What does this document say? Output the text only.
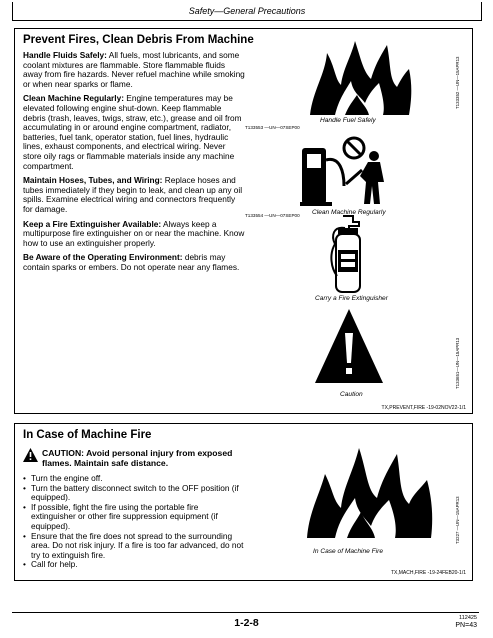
Safety—General Precautions
Prevent Fires, Clean Debris From Machine

Handle Fluids Safely: All fuels, most lubricants, and some coolant mixtures are flammable. Store flammable fluids away from fire hazards. Never refuel machine while smoking or when near sparks or flame.

Clean Machine Regularly: Engine temperatures may be elevated following engine shut-down. Keep flammable debris (trash, leaves, twigs, straw, etc.), grease and oil from accumulating in or around engine compartment, radiator, batteries, fuel tank, operator station, fuel lines, hydraulic lines, exhaust components, and electrical wiring. Never store oily rags or flammable materials inside any machine compartment.

Maintain Hoses, Tubes, and Wiring: Replace hoses and tubes immediately if they begin to leak, and clean up any oil spills. Examine electrical wiring and connectors frequently for damage.

Keep a Fire Extinguisher Available: Always keep a multipurpose fire extinguisher on or near the machine. Know how to use an extinguisher properly.

Be Aware of the Operating Environment: debris may contain sparks or embers. Do not operate near any flames.

Handle Fuel Safely
T133553 —UN—07SEP00
T133352 —UN—15APR13
Clean Machine Regularly
T133554 —UN—07SEP00
Carry a Fire Extinguisher
Caution
T133651—UN—15APR13
TX,PREVENT,FIRE -19-02NOV22-1/1
In Case of Machine Fire
CAUTION: Avoid personal injury from exposed flames. Maintain safe distance.
• Turn the engine off.
• Turn the battery disconnect switch to the OFF position (if equipped).
• If possible, fight the fire using the portable fire extinguisher or other fire suppression equipment (if equipped).
• Ensure that the fire does not spread to the surrounding area. Do not risk injury. If a fire is too far advanced, do not try to extinguish fire.
• Call for help.
In Case of Machine Fire
T3227 —UN—15APR13
TX,MACH,FIRE -19-24FEB20-1/1
1-2-8	112425
PN=43
